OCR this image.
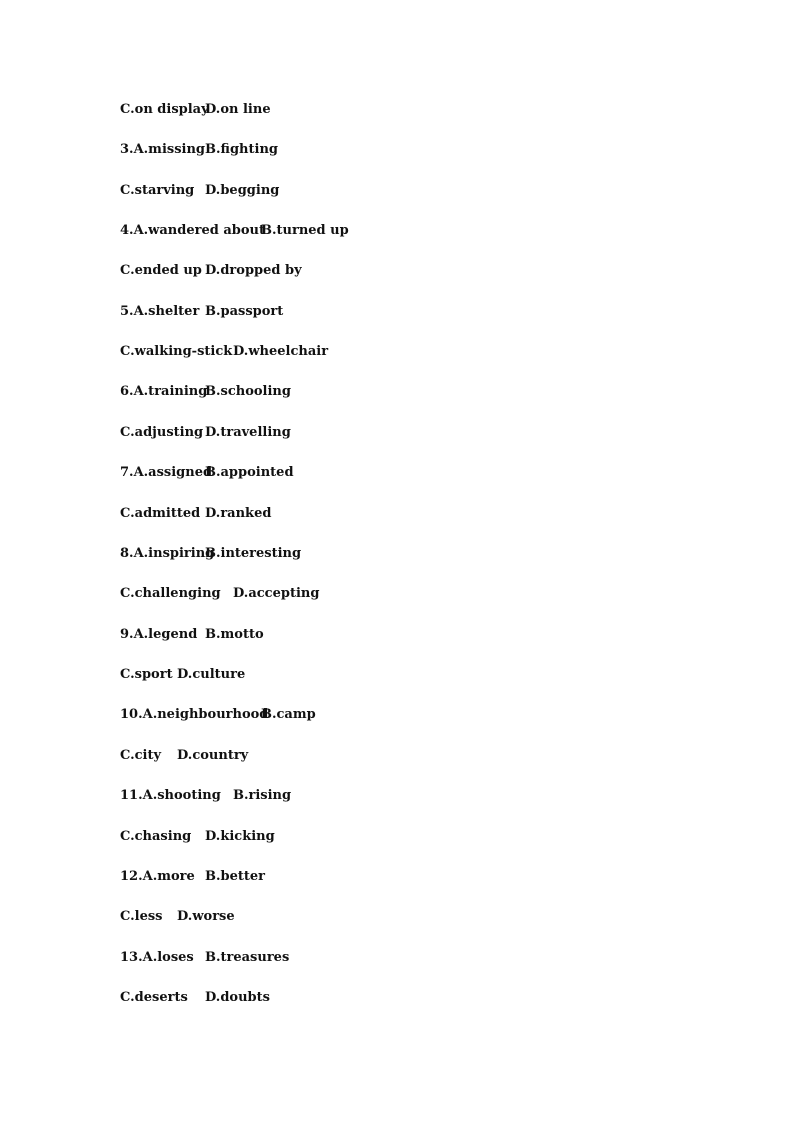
C.on display
D.on line
3.A.missing B.fighting
C.starving D.begging
4.A.wandered about
B.turned up
C.ended up D.dropped by
5.A.shelter B.passport
C.walking-stick D.wheelchair
6.A.training
B.schooling
C.adjusting D.travelling
7.A.assigned
B.appointed
C.admitted D.ranked
8.A.inspiring
B.interesting
C.challenging D.accepting
9.A.legend B.motto
C.sport D.culture
10.A.neighbourhood
B.camp
C.city D.country
11.A.shooting B.rising
C.chasing D.kicking
12.A.more B.better
C.less D.worse
13.A.loses B.treasures
C.deserts D.doubts
